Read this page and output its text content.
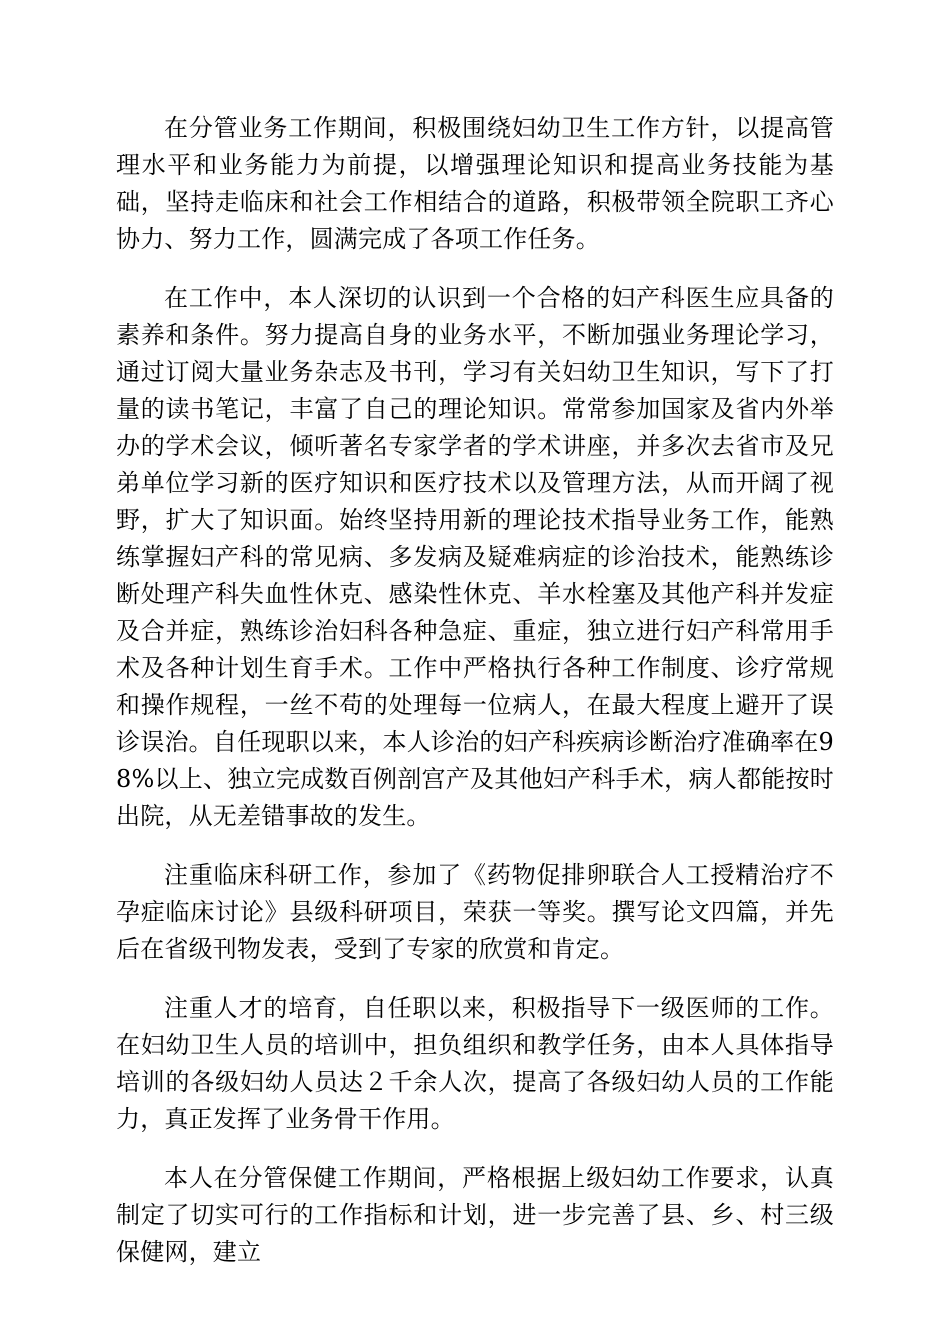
在分管业务工作期间，积极围绕妇幼卫生工作方针，以提高管理水平和业务能力为前提，以增强理论知识和提高业务技能为基础，坚持走临床和社会工作相结合的道路，积极带领全院职工齐心协力、努力工作，圆满完成了各项工作任务。

在工作中，本人深切的认识到一个合格的妇产科医生应具备的素养和条件。努力提高自身的业务水平，不断加强业务理论学习，通过订阅大量业务杂志及书刊，学习有关妇幼卫生知识，写下了打量的读书笔记，丰富了自己的理论知识。常常参加国家及省内外举办的学术会议，倾听著名专家学者的学术讲座，并多次去省市及兄弟单位学习新的医疗知识和医疗技术以及管理方法，从而开阔了视野，扩大了知识面。始终坚持用新的理论技术指导业务工作，能熟练掌握妇产科的常见病、多发病及疑难病症的诊治技术，能熟练诊断处理产科失血性休克、感染性休克、羊水栓塞及其他产科并发症及合并症，熟练诊治妇科各种急症、重症，独立进行妇产科常用手术及各种计划生育手术。工作中严格执行各种工作制度、诊疗常规和操作规程，一丝不苟的处理每一位病人，在最大程度上避开了误诊误治。自任现职以来，本人诊治的妇产科疾病诊断治疗准确率在98%以上、独立完成数百例剖宫产及其他妇产科手术，病人都能按时出院，从无差错事故的发生。

注重临床科研工作，参加了《药物促排卵联合人工授精治疗不孕症临床讨论》县级科研项目，荣获一等奖。撰写论文四篇，并先后在省级刊物发表，受到了专家的欣赏和肯定。

注重人才的培育，自任职以来，积极指导下一级医师的工作。在妇幼卫生人员的培训中，担负组织和教学任务，由本人具体指导培训的各级妇幼人员达２千余人次，提高了各级妇幼人员的工作能力，真正发挥了业务骨干作用。

本人在分管保健工作期间，严格根据上级妇幼工作要求，认真制定了切实可行的工作指标和计划，进一步完善了县、乡、村三级保健网，建立
